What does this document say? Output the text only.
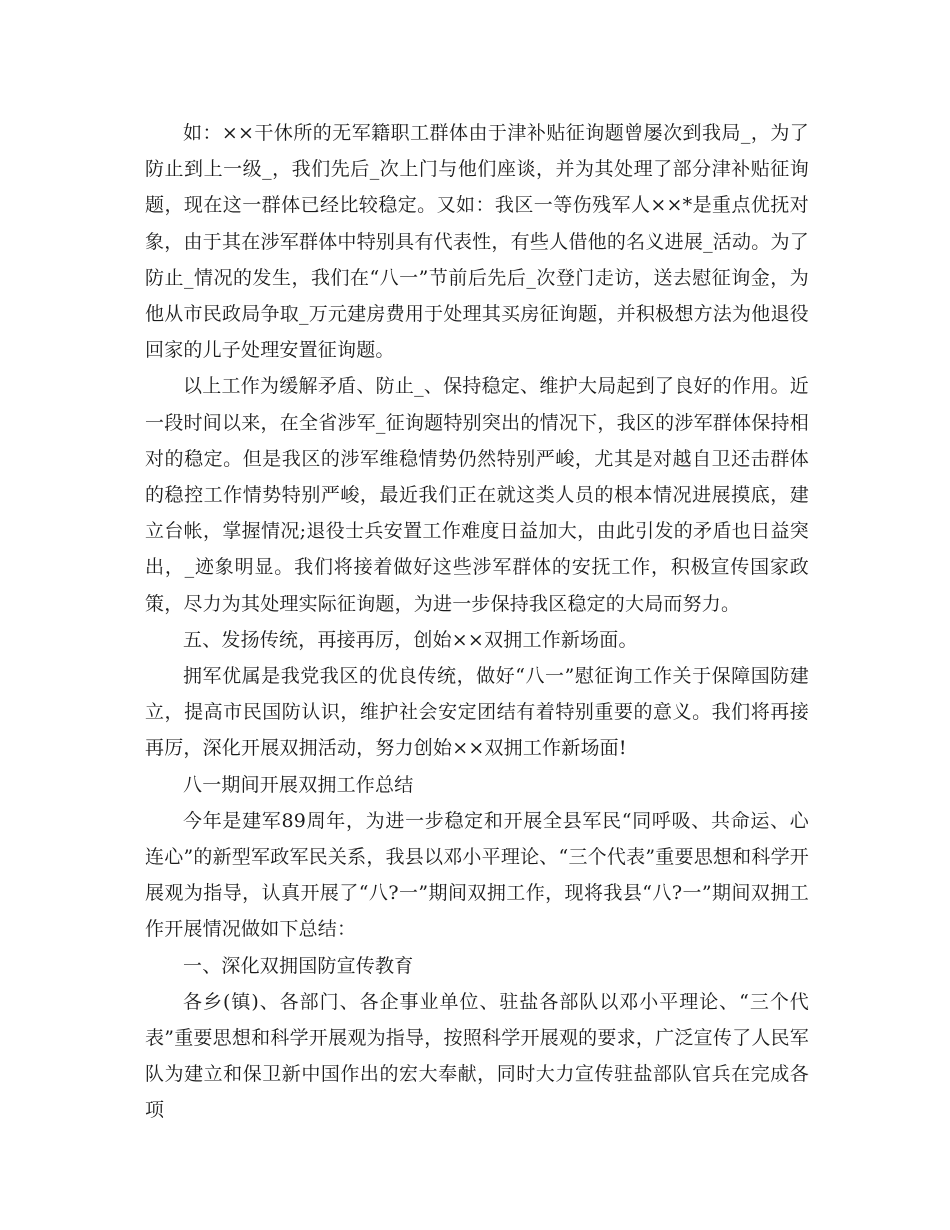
如：××干休所的无军籍职工群体由于津补贴征询题曾屡次到我局_，为了防止到上一级_，我们先后_次上门与他们座谈，并为其处理了部分津补贴征询题，现在这一群体已经比较稳定。又如：我区一等伤残军人××*是重点优抚对象，由于其在涉军群体中特别具有代表性，有些人借他的名义进展_活动。为了防止_情况的发生，我们在“八一”节前后先后_次登门走访，送去慰征询金，为他从市民政局争取_万元建房费用于处理其买房征询题，并积极想方法为他退役回家的儿子处理安置征询题。

以上工作为缓解矛盾、防止_、保持稳定、维护大局起到了良好的作用。近一段时间以来，在全省涉军_征询题特别突出的情况下，我区的涉军群体保持相对的稳定。但是我区的涉军维稳情势仍然特别严峻，尤其是对越自卫还击群体的稳控工作情势特别严峻，最近我们正在就这类人员的根本情况进展摸底，建立台帐，掌握情况;退役士兵安置工作难度日益加大，由此引发的矛盾也日益突出，_迹象明显。我们将接着做好这些涉军群体的安抚工作，积极宣传国家政策，尽力为其处理实际征询题，为进一步保持我区稳定的大局而努力。

五、发扬传统，再接再厉，创始××双拥工作新场面。

拥军优属是我党我区的优良传统，做好“八一”慰征询工作关于保障国防建立，提高市民国防认识，维护社会安定团结有着特别重要的意义。我们将再接再厉，深化开展双拥活动，努力创始××双拥工作新场面!

八一期间开展双拥工作总结

今年是建军89周年，为进一步稳定和开展全县军民“同呼吸、共命运、心连心”的新型军政军民关系，我县以邓小平理论、“三个代表”重要思想和科学开展观为指导，认真开展了“八?一”期间双拥工作，现将我县“八?一”期间双拥工作开展情况做如下总结：

一、深化双拥国防宣传教育

各乡(镇)、各部门、各企事业单位、驻盐各部队以邓小平理论、“三个代表”重要思想和科学开展观为指导，按照科学开展观的要求，广泛宣传了人民军队为建立和保卫新中国作出的宏大奉献，同时大力宣传驻盐部队官兵在完成各项
